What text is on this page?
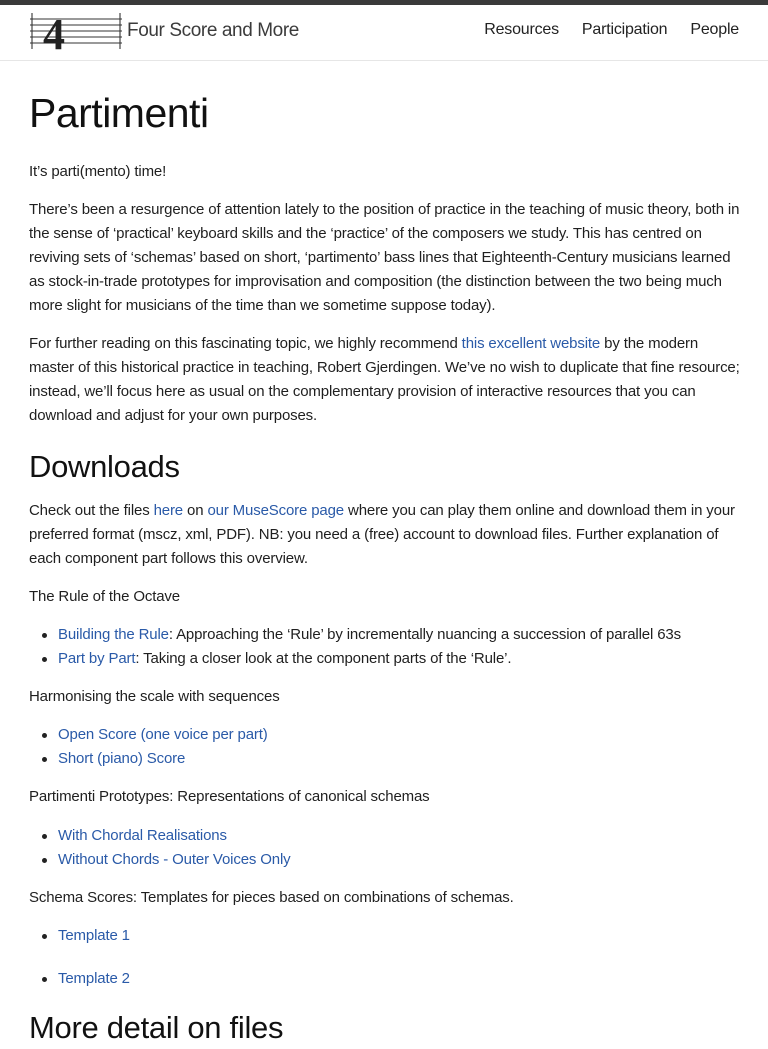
4	Four Score and More	Resources Participation People
Partimenti

It’s parti(mento) time!

There’s been a resurgence of attention lately to the position of practice in the teaching of music theory, both in the sense of ‘practical’ keyboard skills and the ‘practice’ of the composers we study. This has centred on reviving sets of ‘schemas’ based on short, ‘partimento’ bass lines that Eighteenth-Century musicians learned as stock-in-trade prototypes for improvisation and composition (the distinction between the two being much more slight for musicians of the time than we sometime suppose today).

For further reading on this fascinating topic, we highly recommend this excellent website by the modern master of this historical practice in teaching, Robert Gjerdingen. We’ve no wish to duplicate that fine resource; instead, we’ll focus here as usual on the complementary provision of interactive resources that you can download and adjust for your own purposes.

Downloads

Check out the files here on our MuseScore page where you can play them online and download them in your preferred format (mscz, xml, PDF). NB: you need a (free) account to download files. Further explanation of each component part follows this overview.

The Rule of the Octave

Building the Rule: Approaching the ‘Rule’ by incrementally nuancing a succession of parallel 63s
Part by Part: Taking a closer look at the component parts of the ‘Rule’.

Harmonising the scale with sequences

Open Score (one voice per part)
Short (piano) Score

Partimenti Prototypes: Representations of canonical schemas

With Chordal Realisations
Without Chords - Outer Voices Only

Schema Scores: Templates for pieces based on combinations of schemas.

Template 1
Template 2
More detail on files
